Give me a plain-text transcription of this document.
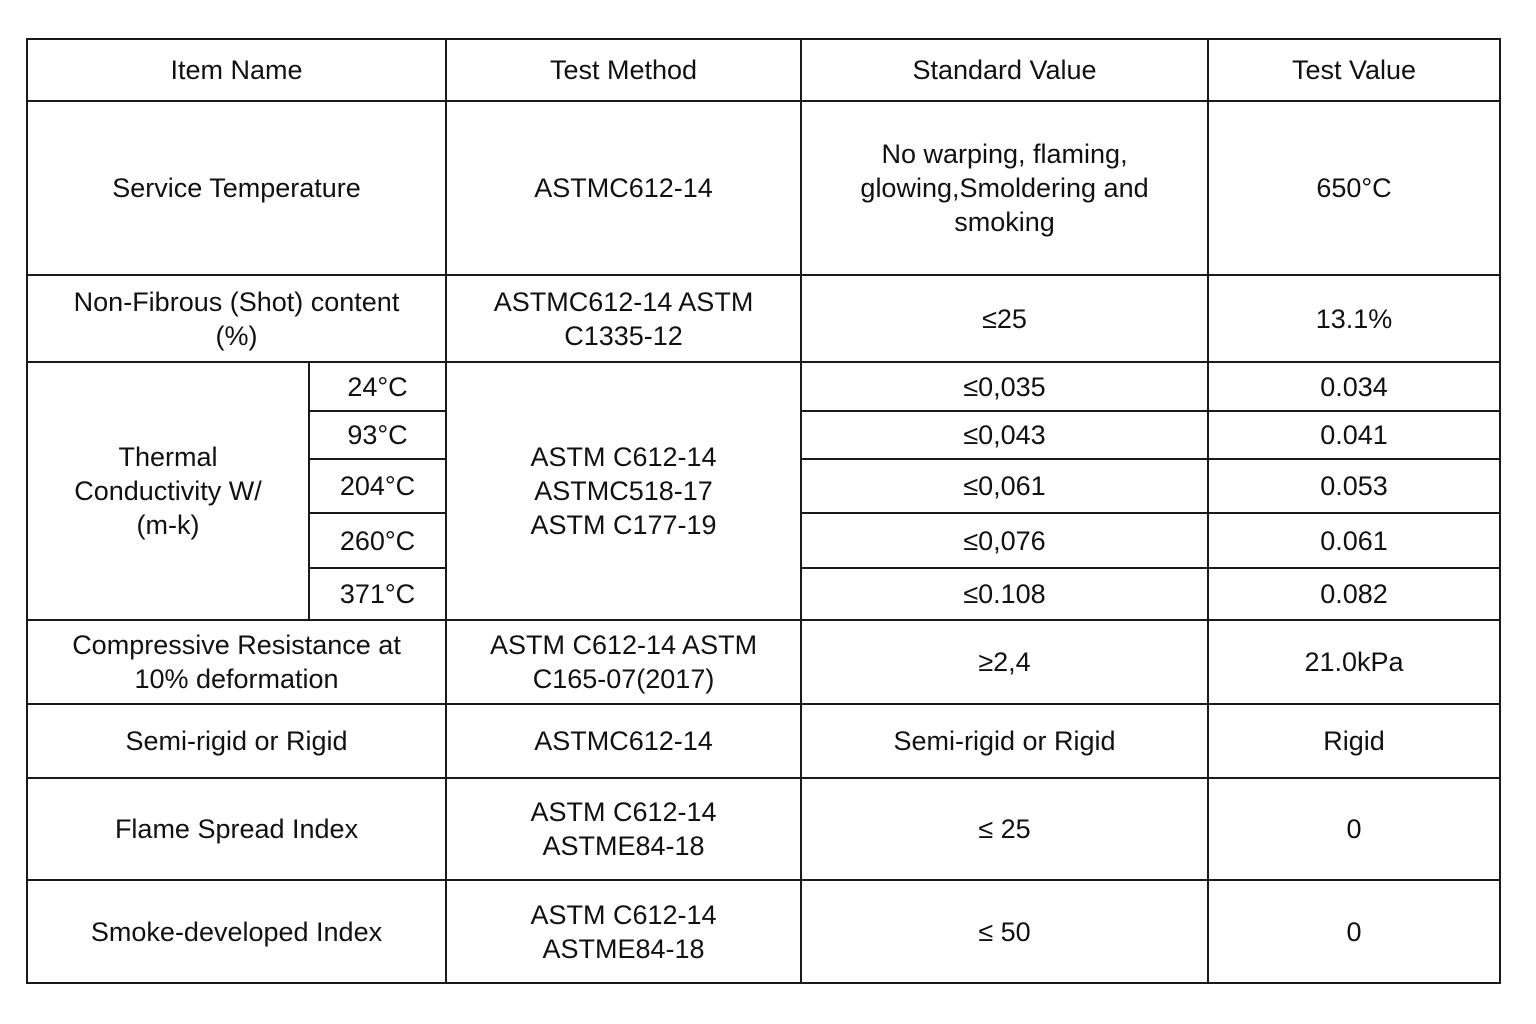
Item Name		Test Method	Standard Value	Test Value
Service Temperature		ASTMC612-14	No warping, flaming,
glowing,Smoldering and
smoking	650°C
Non-Fibrous (Shot) content
(%)		ASTMC612-14 ASTM
C1335-12	≤25	13.1%
Thermal
Conductivity W/
(m-k)	24°C	ASTM C612-14
ASTMC518-17
ASTM C177-19	≤0,035	0.034
	93°C		≤0,043	0.041
	204°C		≤0,061	0.053
	260°C		≤0,076	0.061
	371°C		≤0.108	0.082
Compressive Resistance at
10% deformation		ASTM C612-14 ASTM
C165-07(2017)	≥2,4	21.0kPa
Semi-rigid or Rigid		ASTMC612-14	Semi-rigid or Rigid	Rigid
Flame Spread Index		ASTM C612-14
ASTME84-18	≤ 25	0
Smoke-developed Index		ASTM C612-14
ASTME84-18	≤ 50	0
